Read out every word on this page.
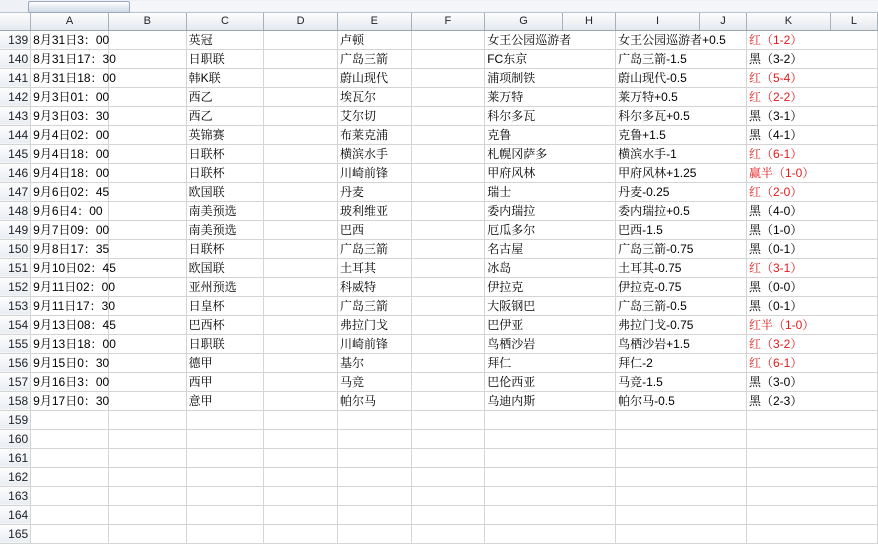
	A	B	C	D	E	F	G	H	I	J	K	L
139	8月31日3：00		英冠		卢顿		女王公园巡游者		女王公园巡游者+0.5		红（1-2）	
140	8月31日17：30		日职联		广岛三箭		FC东京		广岛三箭-1.5		黑（3-2）	
141	8月31日18：00		韩K联		蔚山现代		浦项制铁		蔚山现代-0.5		红（5-4）	
142	9月3日01：00		西乙		埃瓦尔		莱万特		莱万特+0.5		红（2-2）	
143	9月3日03：30		西乙		艾尔切		科尔多瓦		科尔多瓦+0.5		黑（3-1）	
144	9月4日02：00		英锦赛		布莱克浦		克鲁		克鲁+1.5		黑（4-1）	
145	9月4日18：00		日联杯		横滨水手		札幌冈萨多		横滨水手-1		红（6-1）	
146	9月4日18：00		日联杯		川崎前锋		甲府风林		甲府风林+1.25		赢半（1-0）	
147	9月6日02：45		欧国联		丹麦		瑞士		丹麦-0.25		红（2-0）	
148	9月6日4：00		南美预选		玻利维亚		委内瑞拉		委内瑞拉+0.5		黑（4-0）	
149	9月7日09：00		南美预选		巴西		厄瓜多尔		巴西-1.5		黑（1-0）	
150	9月8日17：35		日联杯		广岛三箭		名古屋		广岛三箭-0.75		黑（0-1）	
151	9月10日02：45		欧国联		土耳其		冰岛		土耳其-0.75		红（3-1）	
152	9月11日02：00		亚州预选		科威特		伊拉克		伊拉克-0.75		黑（0-0）	
153	9月11日17：30		日皇杯		广岛三箭		大阪钢巴		广岛三箭-0.5		黑（0-1）	
154	9月13日08：45		巴西杯		弗拉门戈		巴伊亚		弗拉门戈-0.75		红半（1-0）	
155	9月13日18：00		日职联		川崎前锋		鸟栖沙岩		鸟栖沙岩+1.5		红（3-2）	
156	9月15日0：30		德甲		基尔		拜仁		拜仁-2		红（6-1）	
157	9月16日3：00		西甲		马竞		巴伦西亚		马竞-1.5		黑（3-0）	
158	9月17日0：30		意甲		帕尔马		乌迪内斯		帕尔马-0.5		黑（2-3）	
159												
160												
161												
162												
163												
164												
165												
